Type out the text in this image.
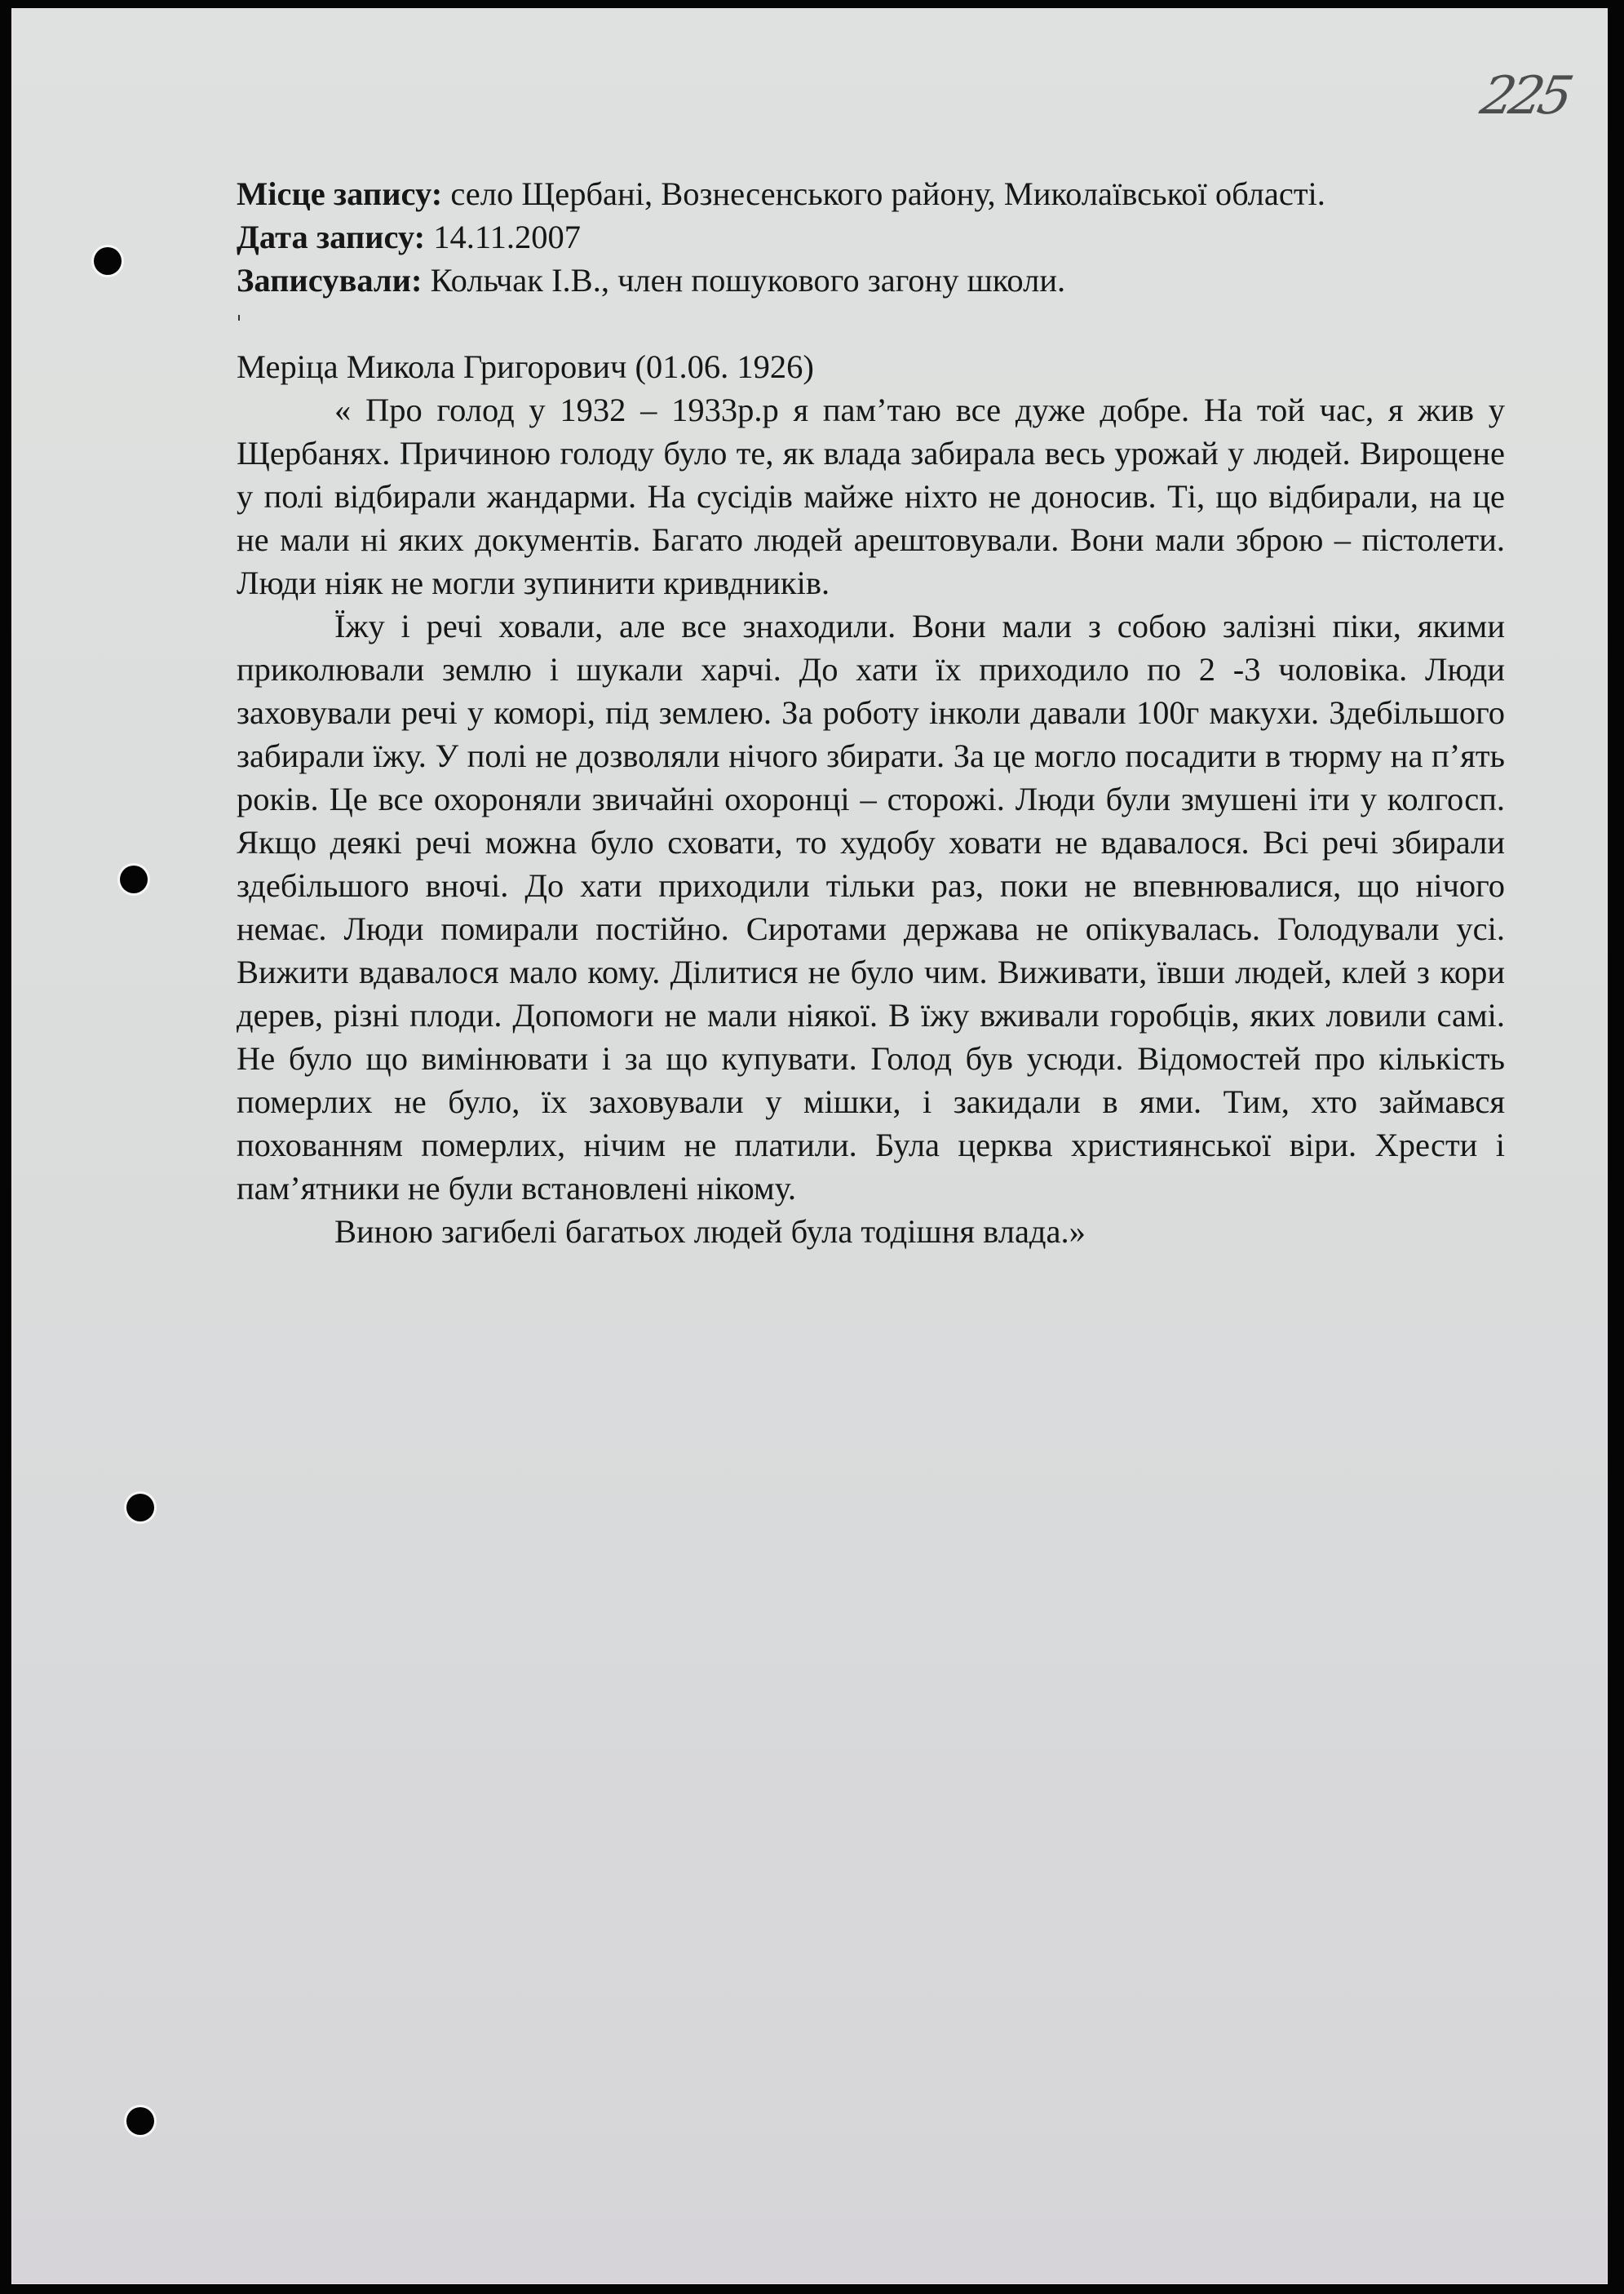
225
Місце запису: село Щербані, Вознесенського району, Миколаївської області.
Дата запису: 14.11.2007
Записували: Кольчак І.В., член пошукового загону школи.
Меріца Микола Григорович (01.06. 1926)

« Про голод у 1932 – 1933р.р я пам’таю все дуже добре. На той час, я жив у Щербанях. Причиною голоду було те, як влада забирала весь урожай у людей. Вирощене у полі відбирали жандарми. На сусідів майже ніхто не доносив. Ті, що відбирали, на це не мали ні яких документів. Багато людей арештовували. Вони мали зброю – пістолети. Люди ніяк не могли зупинити кривдників.

Їжу і речі ховали, але все знаходили. Вони мали з собою залізні піки, якими приколювали землю і шукали харчі. До хати їх приходило по 2 -3 чоловіка. Люди заховували речі у коморі, під землею. За роботу інколи давали 100г макухи. Здебільшого забирали їжу. У полі не дозволяли нічого збирати. За це могло посадити в тюрму на п’ять років. Це все охороняли звичайні охоронці – сторожі. Люди були змушені іти у колгосп. Якщо деякі речі можна було сховати, то худобу ховати не вдавалося. Всі речі збирали здебільшого вночі. До хати приходили тільки раз, поки не впевнювалися, що нічого немає. Люди помирали постійно. Сиротами держава не опікувалась. Голодували усі. Вижити вдавалося мало кому. Ділитися не було чим. Виживати, ївши людей, клей з кори дерев, різні плоди. Допомоги не мали ніякої. В їжу вживали горобців, яких ловили самі. Не було що вимінювати і за що купувати. Голод був усюди. Відомостей про кількість померлих не було, їх заховували у мішки, і закидали в ями. Тим, хто займався похованням померлих, нічим не платили. Була церква християнської віри. Хрести і пам’ятники не були встановлені нікому.

Виною загибелі багатьох людей була тодішня влада.»
